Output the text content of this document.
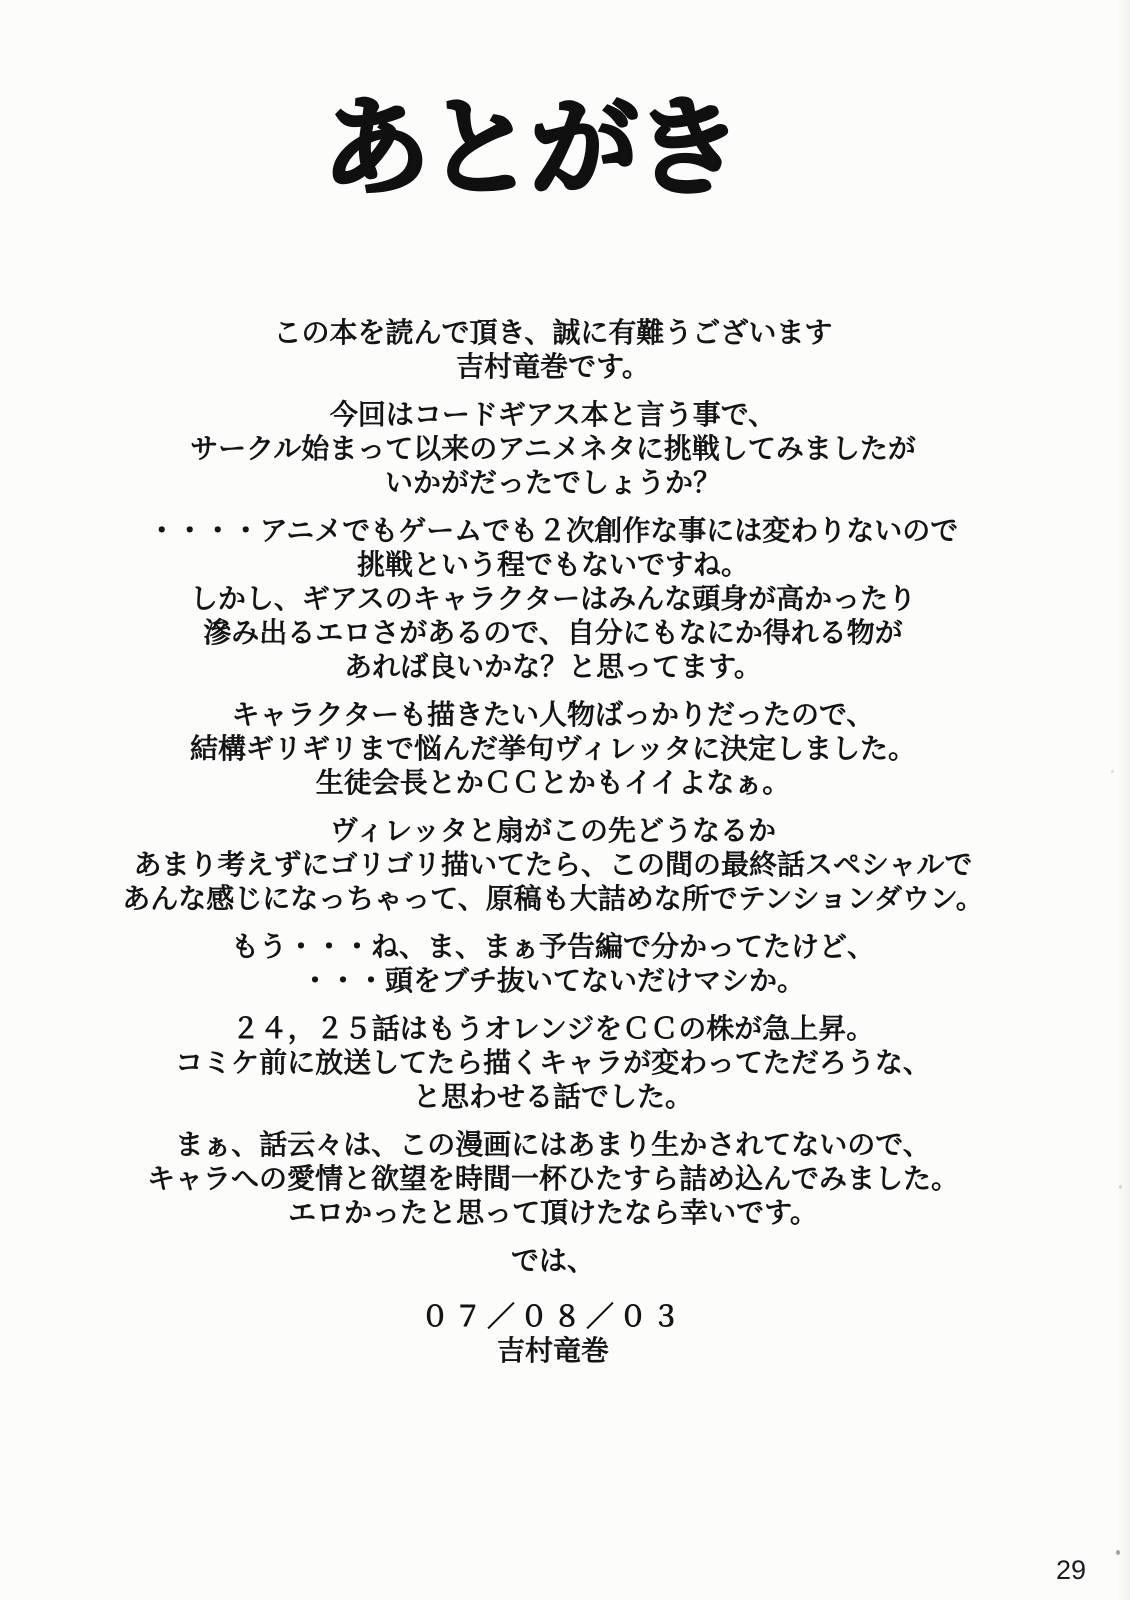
あとがき
この本を読んで頂き、誠に有難うございます
吉村竜巻です。
今回はコードギアス本と言う事で、
サークル始まって以来のアニメネタに挑戦してみましたが
いかがだったでしょうか？
・・・・アニメでもゲームでも２次創作な事には変わりないので
挑戦という程でもないですね。
しかし、ギアスのキャラクターはみんな頭身が高かったり
滲み出るエロさがあるので、自分にもなにか得れる物が
あれば良いかな？と思ってます。
キャラクターも描きたい人物ばっかりだったので、
結構ギリギリまで悩んだ挙句ヴィレッタに決定しました。
生徒会長とかＣＣとかもイイよなぁ。
ヴィレッタと扇がこの先どうなるか
あまり考えずにゴリゴリ描いてたら、この間の最終話スペシャルで
あんな感じになっちゃって、原稿も大詰めな所でテンションダウン。
もう・・・ね、ま、まぁ予告編で分かってたけど、
・・・頭をブチ抜いてないだけマシか。
２４，２５話はもうオレンジをＣＣの株が急上昇。
コミケ前に放送してたら描くキャラが変わってただろうな、
と思わせる話でした。
まぁ、話云々は、この漫画にはあまり生かされてないので、
キャラへの愛情と欲望を時間一杯ひたすら詰め込んでみました。
エロかったと思って頂けたなら幸いです。
では、
０７／０８／０３
吉村竜巻
29
